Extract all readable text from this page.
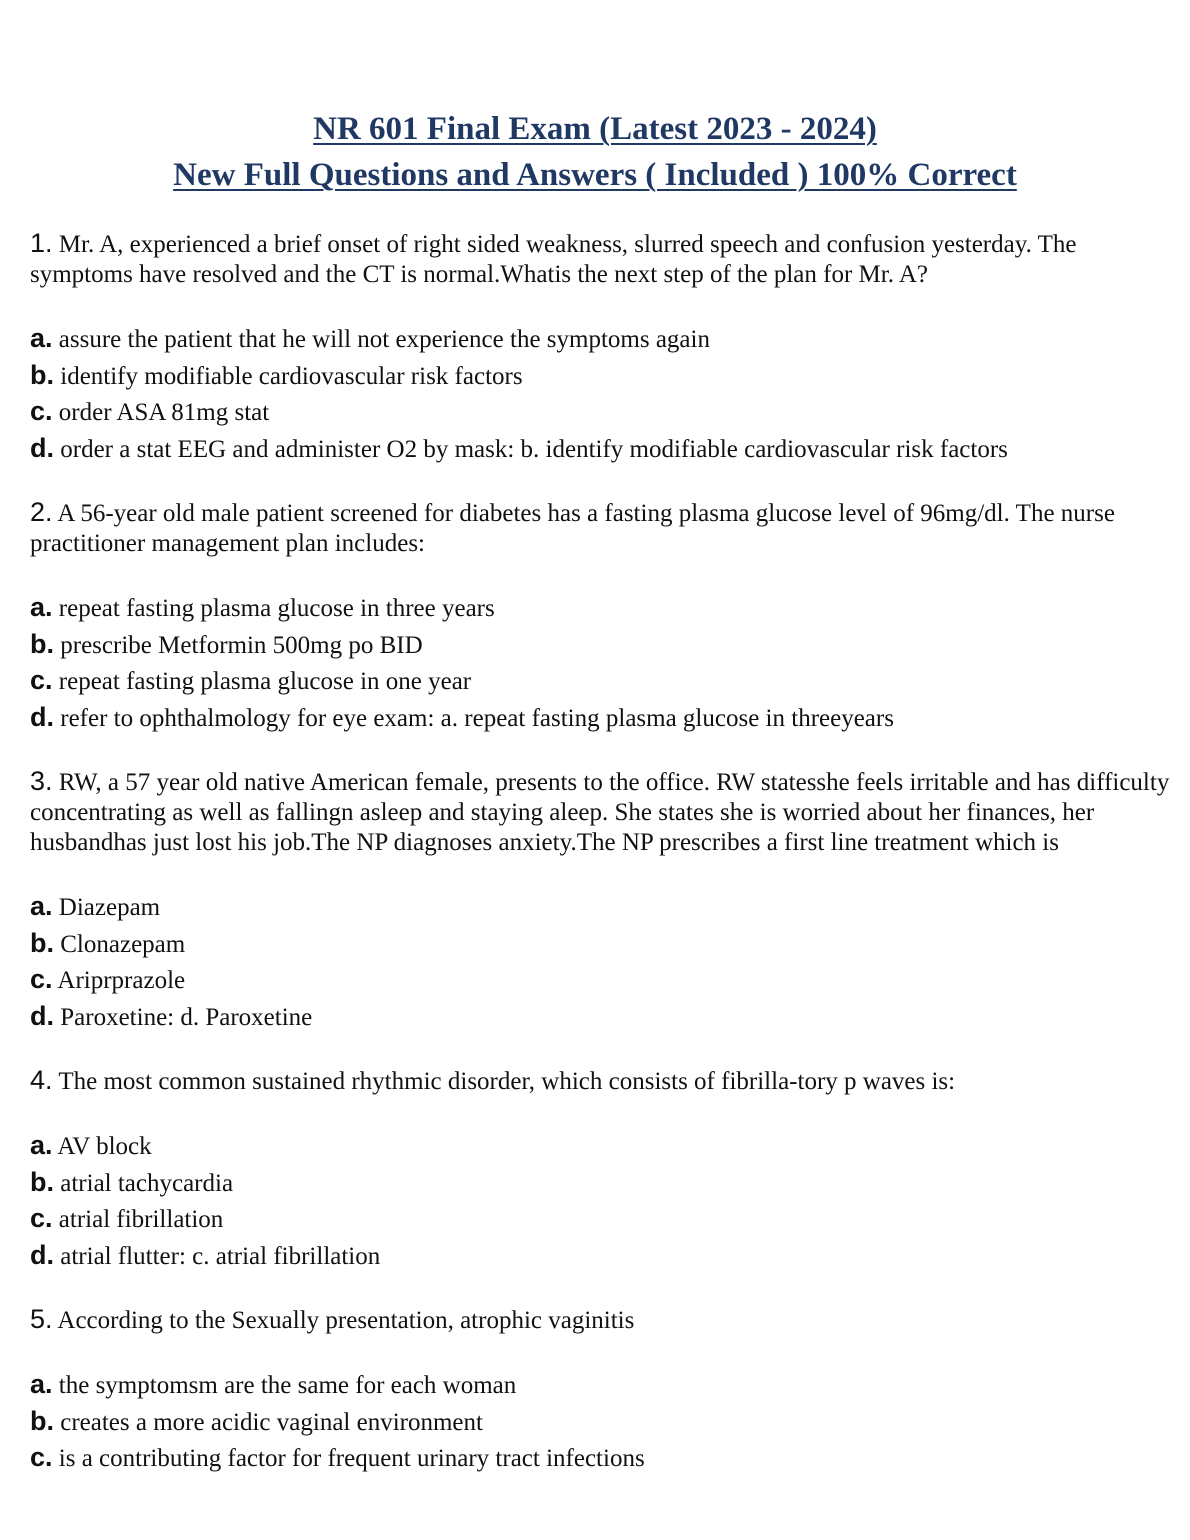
NR 601 Final Exam (Latest 2023 - 2024)
New Full Questions and Answers ( Included ) 100% Correct
1. Mr. A, experienced a brief onset of right sided weakness, slurred speech and confusion yesterday. The symptoms have resolved and the CT is normal.Whatis the next step of the plan for Mr. A?
a. assure the patient that he will not experience the symptoms again
b. identify modifiable cardiovascular risk factors
c. order ASA 81mg stat
d. order a stat EEG and administer O2 by mask: b. identify modifiable cardiovascular risk factors
2. A 56-year old male patient screened for diabetes has a fasting plasma glucose level of 96mg/dl. The nurse practitioner management plan includes:
a. repeat fasting plasma glucose in three years
b. prescribe Metformin 500mg po BID
c. repeat fasting plasma glucose in one year
d. refer to ophthalmology for eye exam: a. repeat fasting plasma glucose in threeyears
3. RW, a 57 year old native American female, presents to the office. RW statesshe feels irritable and has difficulty concentrating as well as fallingn asleep and staying aleep. She states she is worried about her finances, her husbandhas just lost his job.The NP diagnoses anxiety.The NP prescribes a first line treatment which is
a. Diazepam
b. Clonazepam
c. Ariprprazole
d. Paroxetine: d. Paroxetine
4. The most common sustained rhythmic disorder, which consists of fibrilla-tory p waves is:
a. AV block
b. atrial tachycardia
c. atrial fibrillation
d. atrial flutter: c. atrial fibrillation
5. According to the Sexually presentation, atrophic vaginitis
a. the symptomsm are the same for each woman
b. creates a more acidic vaginal environment
c. is a contributing factor for frequent urinary tract infections
